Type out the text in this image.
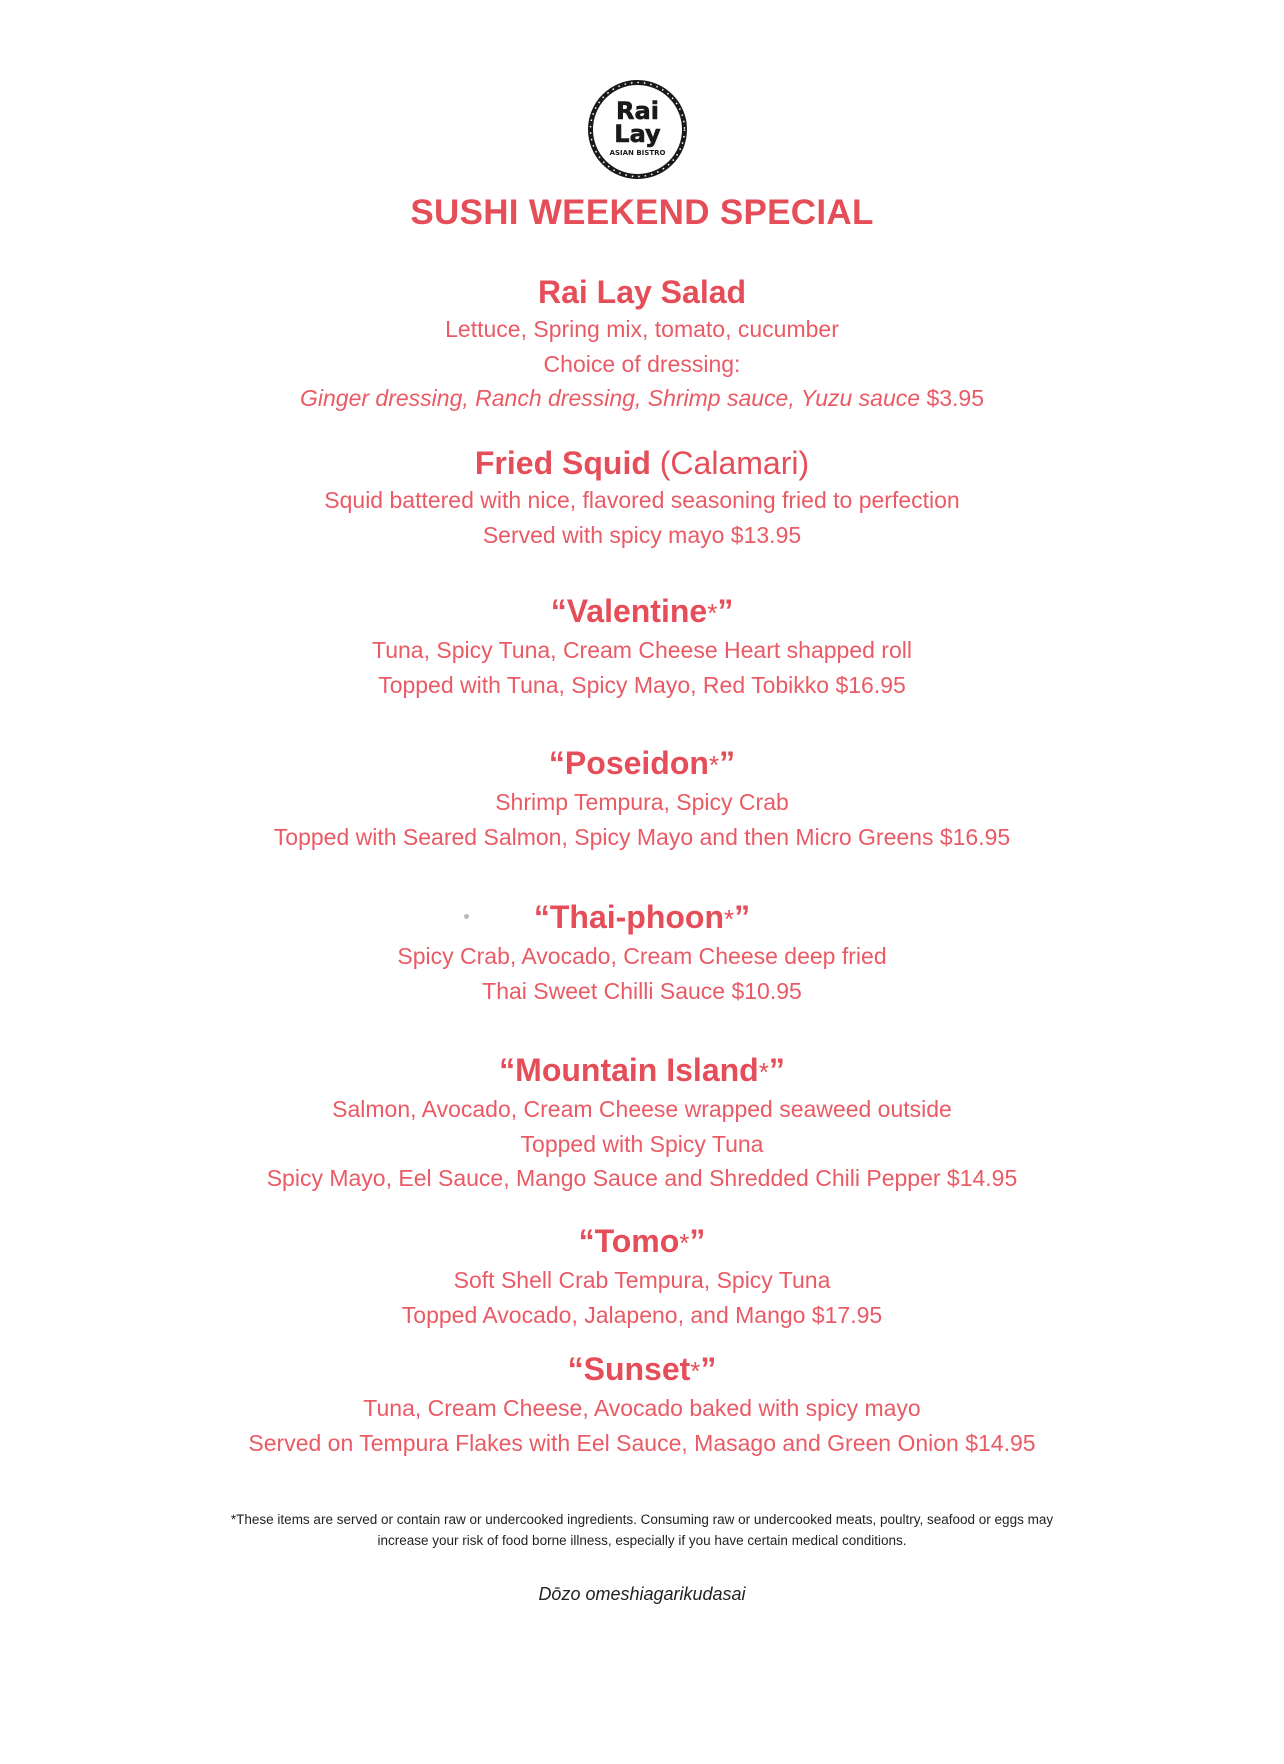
Rai
Lay
ASIAN BISTRO
SUSHI WEEKEND SPECIAL
Rai Lay Salad
Lettuce, Spring mix, tomato, cucumber
Choice of dressing:
Ginger dressing, Ranch dressing, Shrimp sauce, Yuzu sauce $3.95
Fried Squid (Calamari)
Squid battered with nice, flavored seasoning fried to perfection
Served with spicy mayo $13.95
“Valentine*”
Tuna, Spicy Tuna, Cream Cheese Heart shapped roll
Topped with Tuna, Spicy Mayo, Red Tobikko $16.95
“Poseidon*”
Shrimp Tempura, Spicy Crab
Topped with Seared Salmon, Spicy Mayo and then Micro Greens $16.95
“Thai-phoon*”
Spicy Crab, Avocado, Cream Cheese deep fried
Thai Sweet Chilli Sauce $10.95
“Mountain Island*”
Salmon, Avocado, Cream Cheese wrapped seaweed outside
Topped with Spicy Tuna
Spicy Mayo, Eel Sauce, Mango Sauce and Shredded Chili Pepper $14.95
“Tomo*”
Soft Shell Crab Tempura, Spicy Tuna
Topped Avocado, Jalapeno, and Mango $17.95
“Sunset*”
Tuna, Cream Cheese, Avocado baked with spicy mayo
Served on Tempura Flakes with Eel Sauce, Masago and Green Onion $14.95
*These items are served or contain raw or undercooked ingredients. Consuming raw or undercooked meats, poultry, seafood or eggs may
increase your risk of food borne illness, especially if you have certain medical conditions.
Dōzo omeshiagarikudasai
